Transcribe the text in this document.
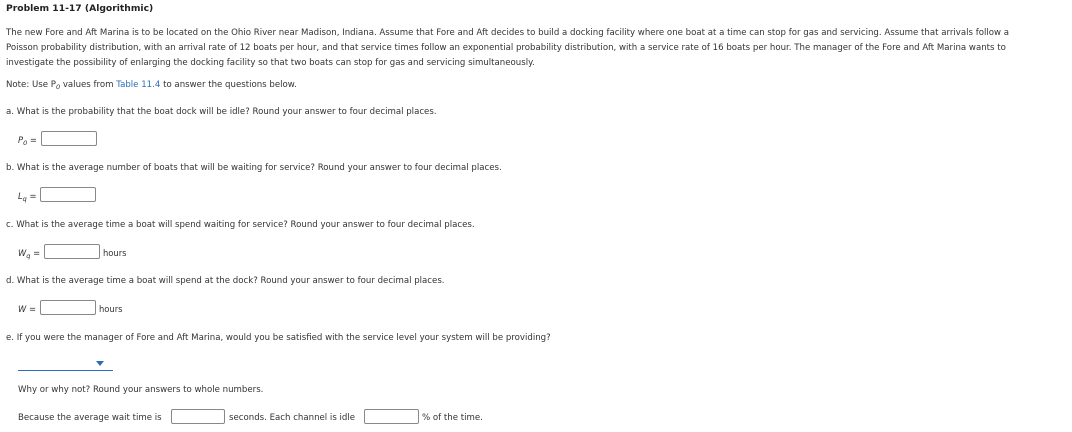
Problem 11-17 (Algorithmic)
The new Fore and Aft Marina is to be located on the Ohio River near Madison, Indiana. Assume that Fore and Aft decides to build a docking facility where one boat at a time can stop for gas and servicing. Assume that arrivals follow a
Poisson probability distribution, with an arrival rate of 12 boats per hour, and that service times follow an exponential probability distribution, with a service rate of 16 boats per hour. The manager of the Fore and Aft Marina wants to
investigate the possibility of enlarging the docking facility so that two boats can stop for gas and servicing simultaneously.
Note: Use $P_0$ values from Table 11.4 to answer the questions below.
a. What is the probability that the boat dock will be idle? Round your answer to four decimal places.
$P_0$ =
b. What is the average number of boats that will be waiting for service? Round your answer to four decimal places.
$L_q$ =
c. What is the average time a boat will spend waiting for service? Round your answer to four decimal places.
$W_q$ =	hours
d. What is the average time a boat will spend at the dock? Round your answer to four decimal places.
W =	hours
e. If you were the manager of Fore and Aft Marina, would you be satisfied with the service level your system will be providing?
Why or why not? Round your answers to whole numbers.
Because the average wait time is	seconds. Each channel is idle	% of the time.
